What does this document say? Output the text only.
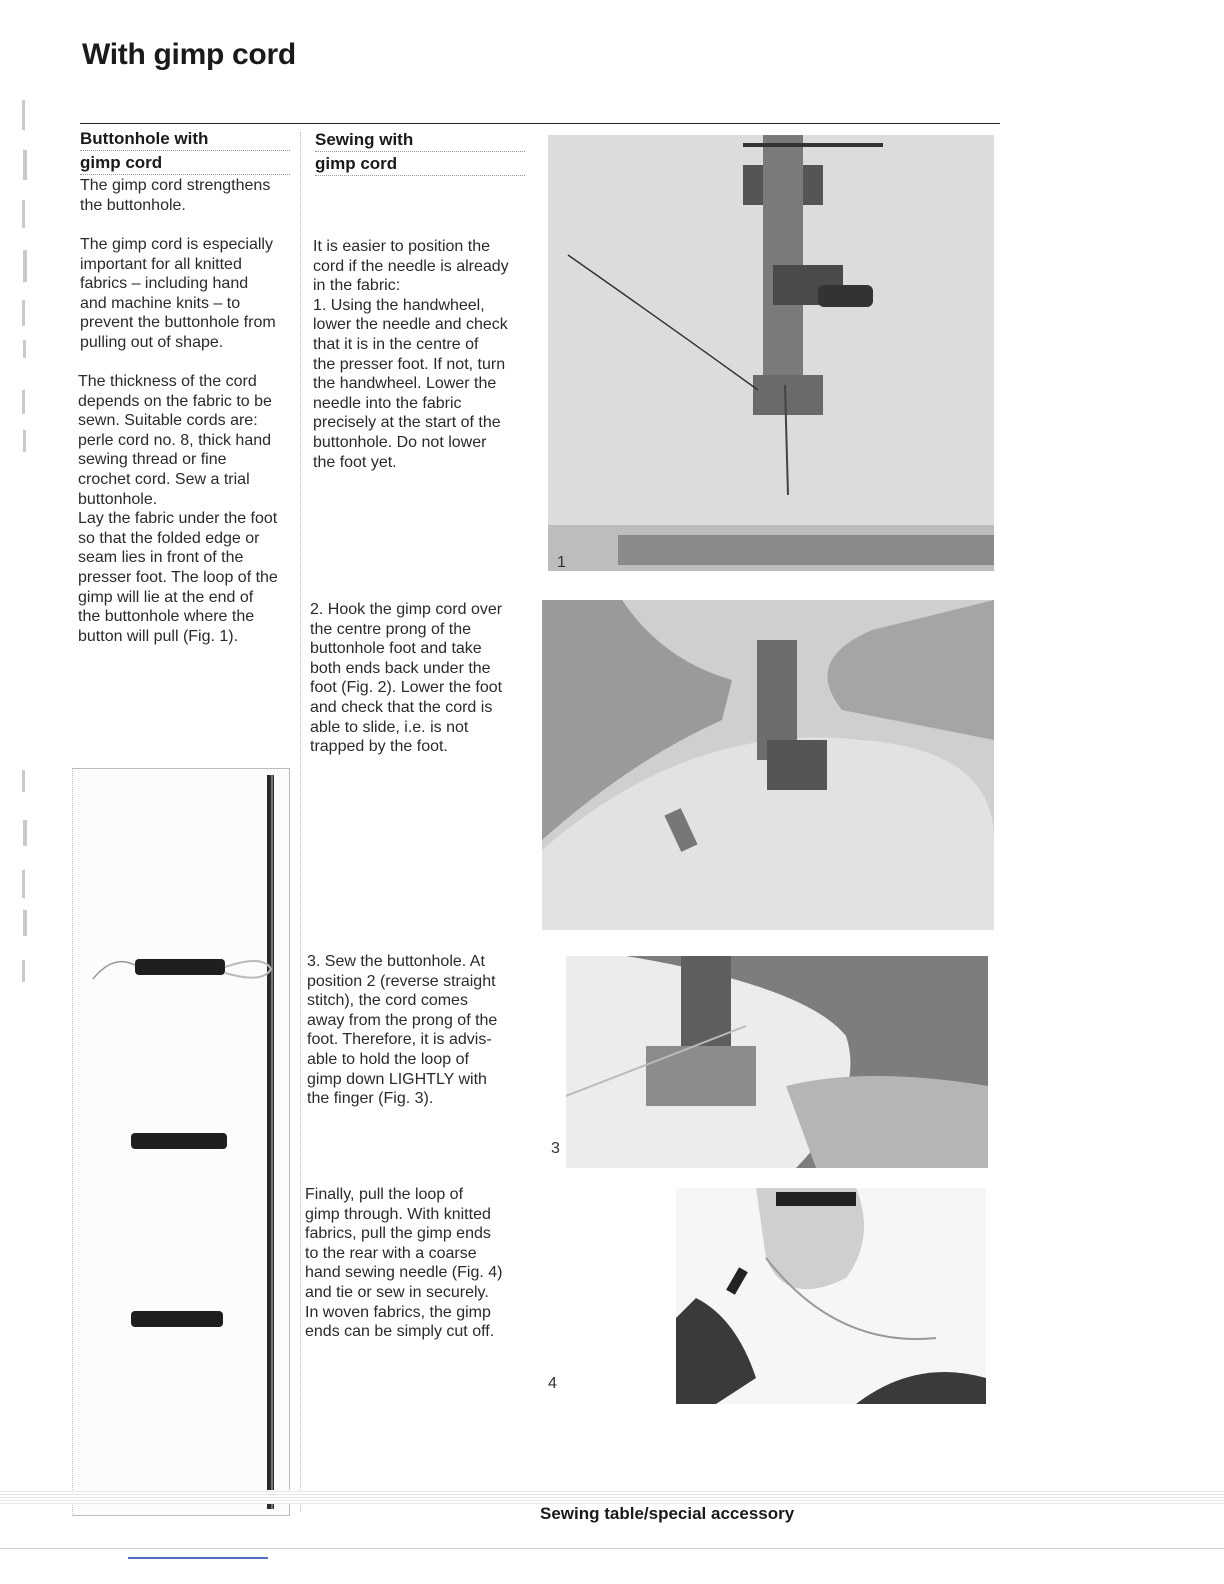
With gimp cord
Buttonhole with
gimp cord
The gimp cord strengthens
the buttonhole.
The gimp cord is especially
important for all knitted
fabrics – including hand
and machine knits – to
prevent the buttonhole from
pulling out of shape.
The thickness of the cord
depends on the fabric to be
sewn. Suitable cords are:
perle cord no. 8, thick hand
sewing thread or fine
crochet cord. Sew a trial
buttonhole.
Lay the fabric under the foot
so that the folded edge or
seam lies in front of the
presser foot. The loop of the
gimp will lie at the end of
the buttonhole where the
button will pull (Fig. 1).
Sewing with
gimp cord
It is easier to position the
cord if the needle is already
in the fabric:
1. Using the handwheel,
lower the needle and check
that it is in the centre of
the presser foot. If not, turn
the handwheel. Lower the
needle into the fabric
precisely at the start of the
buttonhole. Do not lower
the foot yet.
2. Hook the gimp cord over
the centre prong of the
buttonhole foot and take
both ends back under the
foot (Fig. 2). Lower the foot
and check that the cord is
able to slide, i.e. is not
trapped by the foot.
3. Sew the buttonhole. At
position 2 (reverse straight
stitch), the cord comes
away from the prong of the
foot. Therefore, it is advis-
able to hold the loop of
gimp down LIGHTLY with
the finger (Fig. 3).
Finally, pull the loop of
gimp through. With knitted
fabrics, pull the gimp ends
to the rear with a coarse
hand sewing needle (Fig. 4)
and tie or sew in securely.
In woven fabrics, the gimp
ends can be simply cut off.
1
3
4
Sewing table/special accessory
